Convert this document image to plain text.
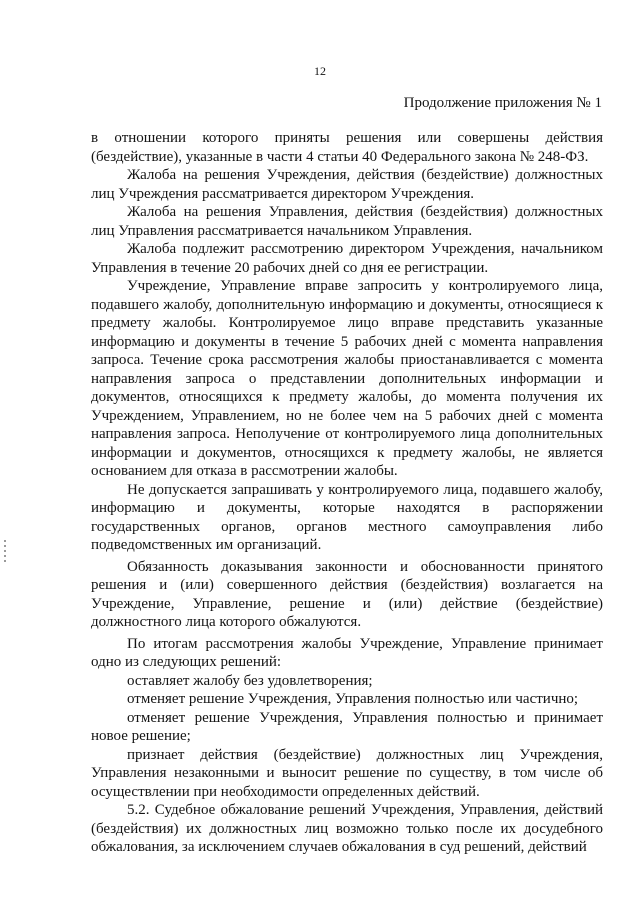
12
Продолжение приложения № 1

в отношении которого приняты решения или совершены действия (бездействие), указанные в части 4 статьи 40 Федерального закона № 248-ФЗ.

Жалоба на решения Учреждения, действия (бездействие) должностных лиц Учреждения рассматривается директором Учреждения.

Жалоба на решения Управления, действия (бездействия) должностных лиц Управления рассматривается начальником Управления.

Жалоба подлежит рассмотрению директором Учреждения, начальником Управления в течение 20 рабочих дней со дня ее регистрации.

Учреждение, Управление вправе запросить у контролируемого лица, подавшего жалобу, дополнительную информацию и документы, относящиеся к предмету жалобы. Контролируемое лицо вправе представить указанные информацию и документы в течение 5 рабочих дней с момента направления запроса. Течение срока рассмотрения жалобы приостанавливается с момента направления запроса о представлении дополнительных информации и документов, относящихся к предмету жалобы, до момента получения их Учреждением, Управлением, но не более чем на 5 рабочих дней с момента направления запроса. Неполучение от контролируемого лица дополнительных информации и документов, относящихся к предмету жалобы, не является основанием для отказа в рассмотрении жалобы.

Не допускается запрашивать у контролируемого лица, подавшего жалобу, информацию и документы, которые находятся в распоряжении государственных органов, органов местного самоуправления либо подведомственных им организаций.

Обязанность доказывания законности и обоснованности принятого решения и (или) совершенного действия (бездействия) возлагается на Учреждение, Управление, решение и (или) действие (бездействие) должностного лица которого обжалуются.

По итогам рассмотрения жалобы Учреждение, Управление принимает одно из следующих решений:

оставляет жалобу без удовлетворения;

отменяет решение Учреждения, Управления полностью или частично;

отменяет решение Учреждения, Управления полностью и принимает новое решение;

признает действия (бездействие) должностных лиц Учреждения, Управления незаконными и выносит решение по существу, в том числе об осуществлении при необходимости определенных действий.

5.2. Судебное обжалование решений Учреждения, Управления, действий (бездействия) их должностных лиц возможно только после их досудебного обжалования, за исключением случаев обжалования в суд решений, действий
